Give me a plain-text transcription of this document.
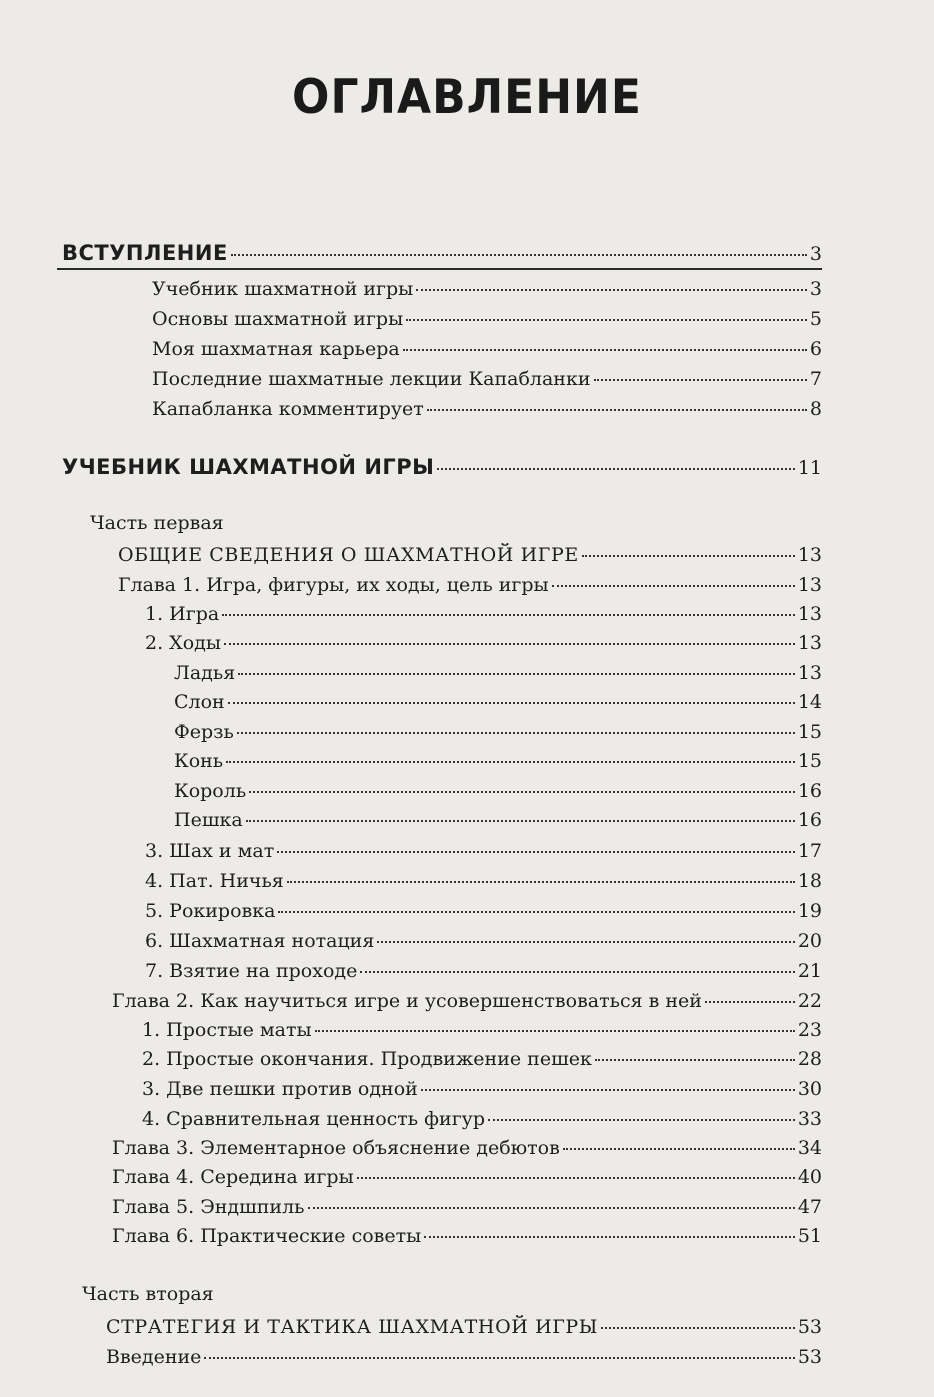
ОГЛАВЛЕНИЕ
ВСТУПЛЕНИЕ	3
Учебник шахматной игры	3
Основы шахматной игры	5
Моя шахматная карьера	6
Последние шахматные лекции Капабланки	7
Капабланка комментирует	8
УЧЕБНИК ШАХМАТНОЙ ИГРЫ	11
Часть первая
ОБЩИЕ СВЕДЕНИЯ О ШАХМАТНОЙ ИГРЕ	13
Глава 1. Игра, фигуры, их ходы, цель игры	13
1. Игра	13
2. Ходы	13
Ладья	13
Слон	14
Ферзь	15
Конь	15
Король	16
Пешка	16
3. Шах и мат	17
4. Пат. Ничья	18
5. Рокировка	19
6. Шахматная нотация	20
7. Взятие на проходе	21
Глава 2. Как научиться игре и усовершенствоваться в ней	22
1. Простые маты	23
2. Простые окончания. Продвижение пешек	28
3. Две пешки против одной	30
4. Сравнительная ценность фигур	33
Глава 3. Элементарное объяснение дебютов	34
Глава 4. Середина игры	40
Глава 5. Эндшпиль	47
Глава 6. Практические советы	51
Часть вторая
СТРАТЕГИЯ И ТАКТИКА ШАХМАТНОЙ ИГРЫ	53
Введение	53
